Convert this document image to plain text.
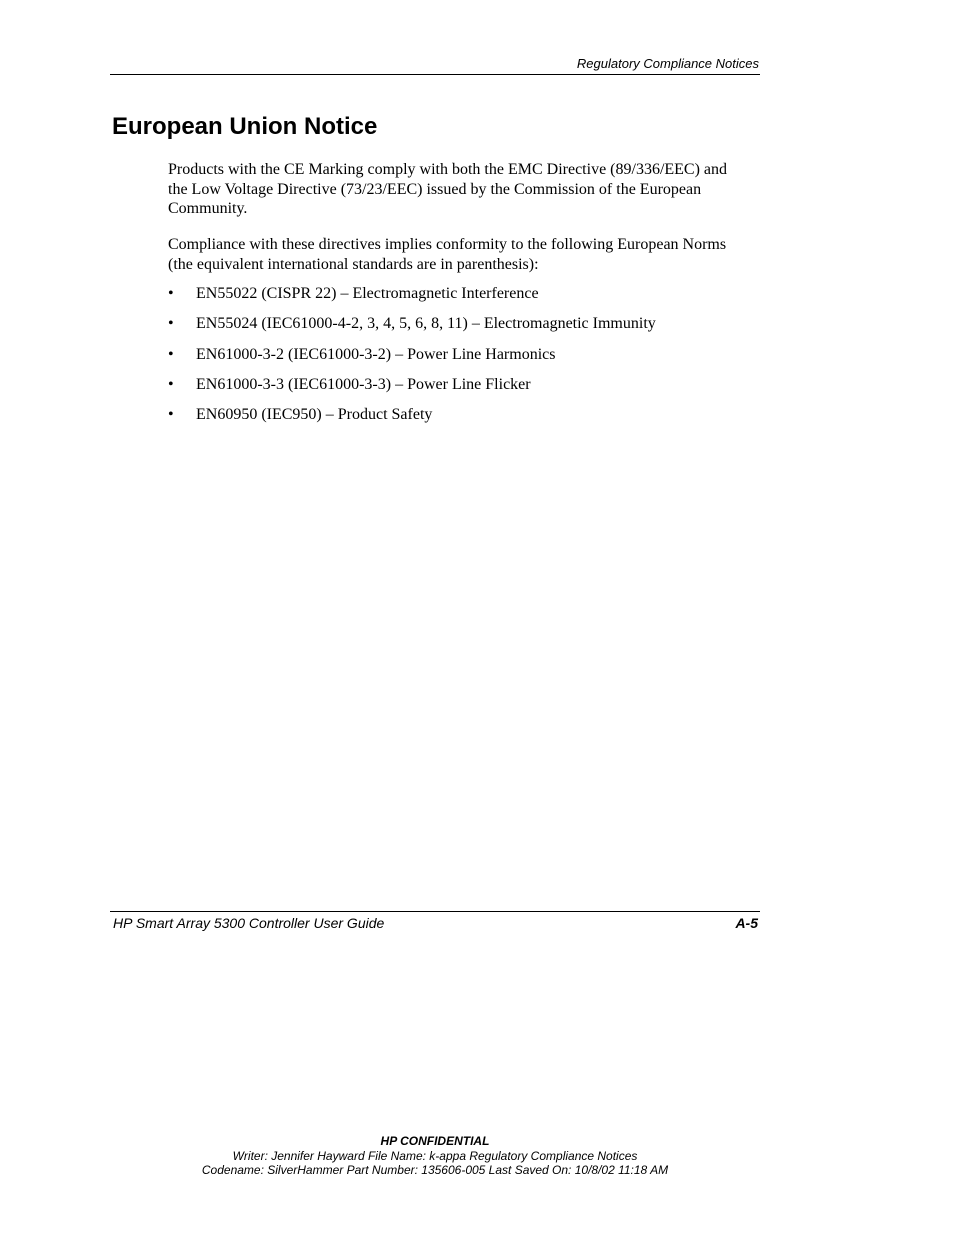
Regulatory Compliance Notices
European Union Notice

Products with the CE Marking comply with both the EMC Directive (89/336/EEC) and the Low Voltage Directive (73/23/EEC) issued by the Commission of the European Community.

Compliance with these directives implies conformity to the following European Norms (the equivalent international standards are in parenthesis):

• EN55022 (CISPR 22) – Electromagnetic Interference
• EN55024 (IEC61000-4-2, 3, 4, 5, 6, 8, 11) – Electromagnetic Immunity
• EN61000-3-2 (IEC61000-3-2) – Power Line Harmonics
• EN61000-3-3 (IEC61000-3-3) – Power Line Flicker
• EN60950 (IEC950) – Product Safety
HP Smart Array 5300 Controller User Guide	A-5
HP CONFIDENTIAL
Writer: Jennifer Hayward File Name: k-appa Regulatory Compliance Notices
Codename: SilverHammer Part Number: 135606-005 Last Saved On: 10/8/02 11:18 AM
